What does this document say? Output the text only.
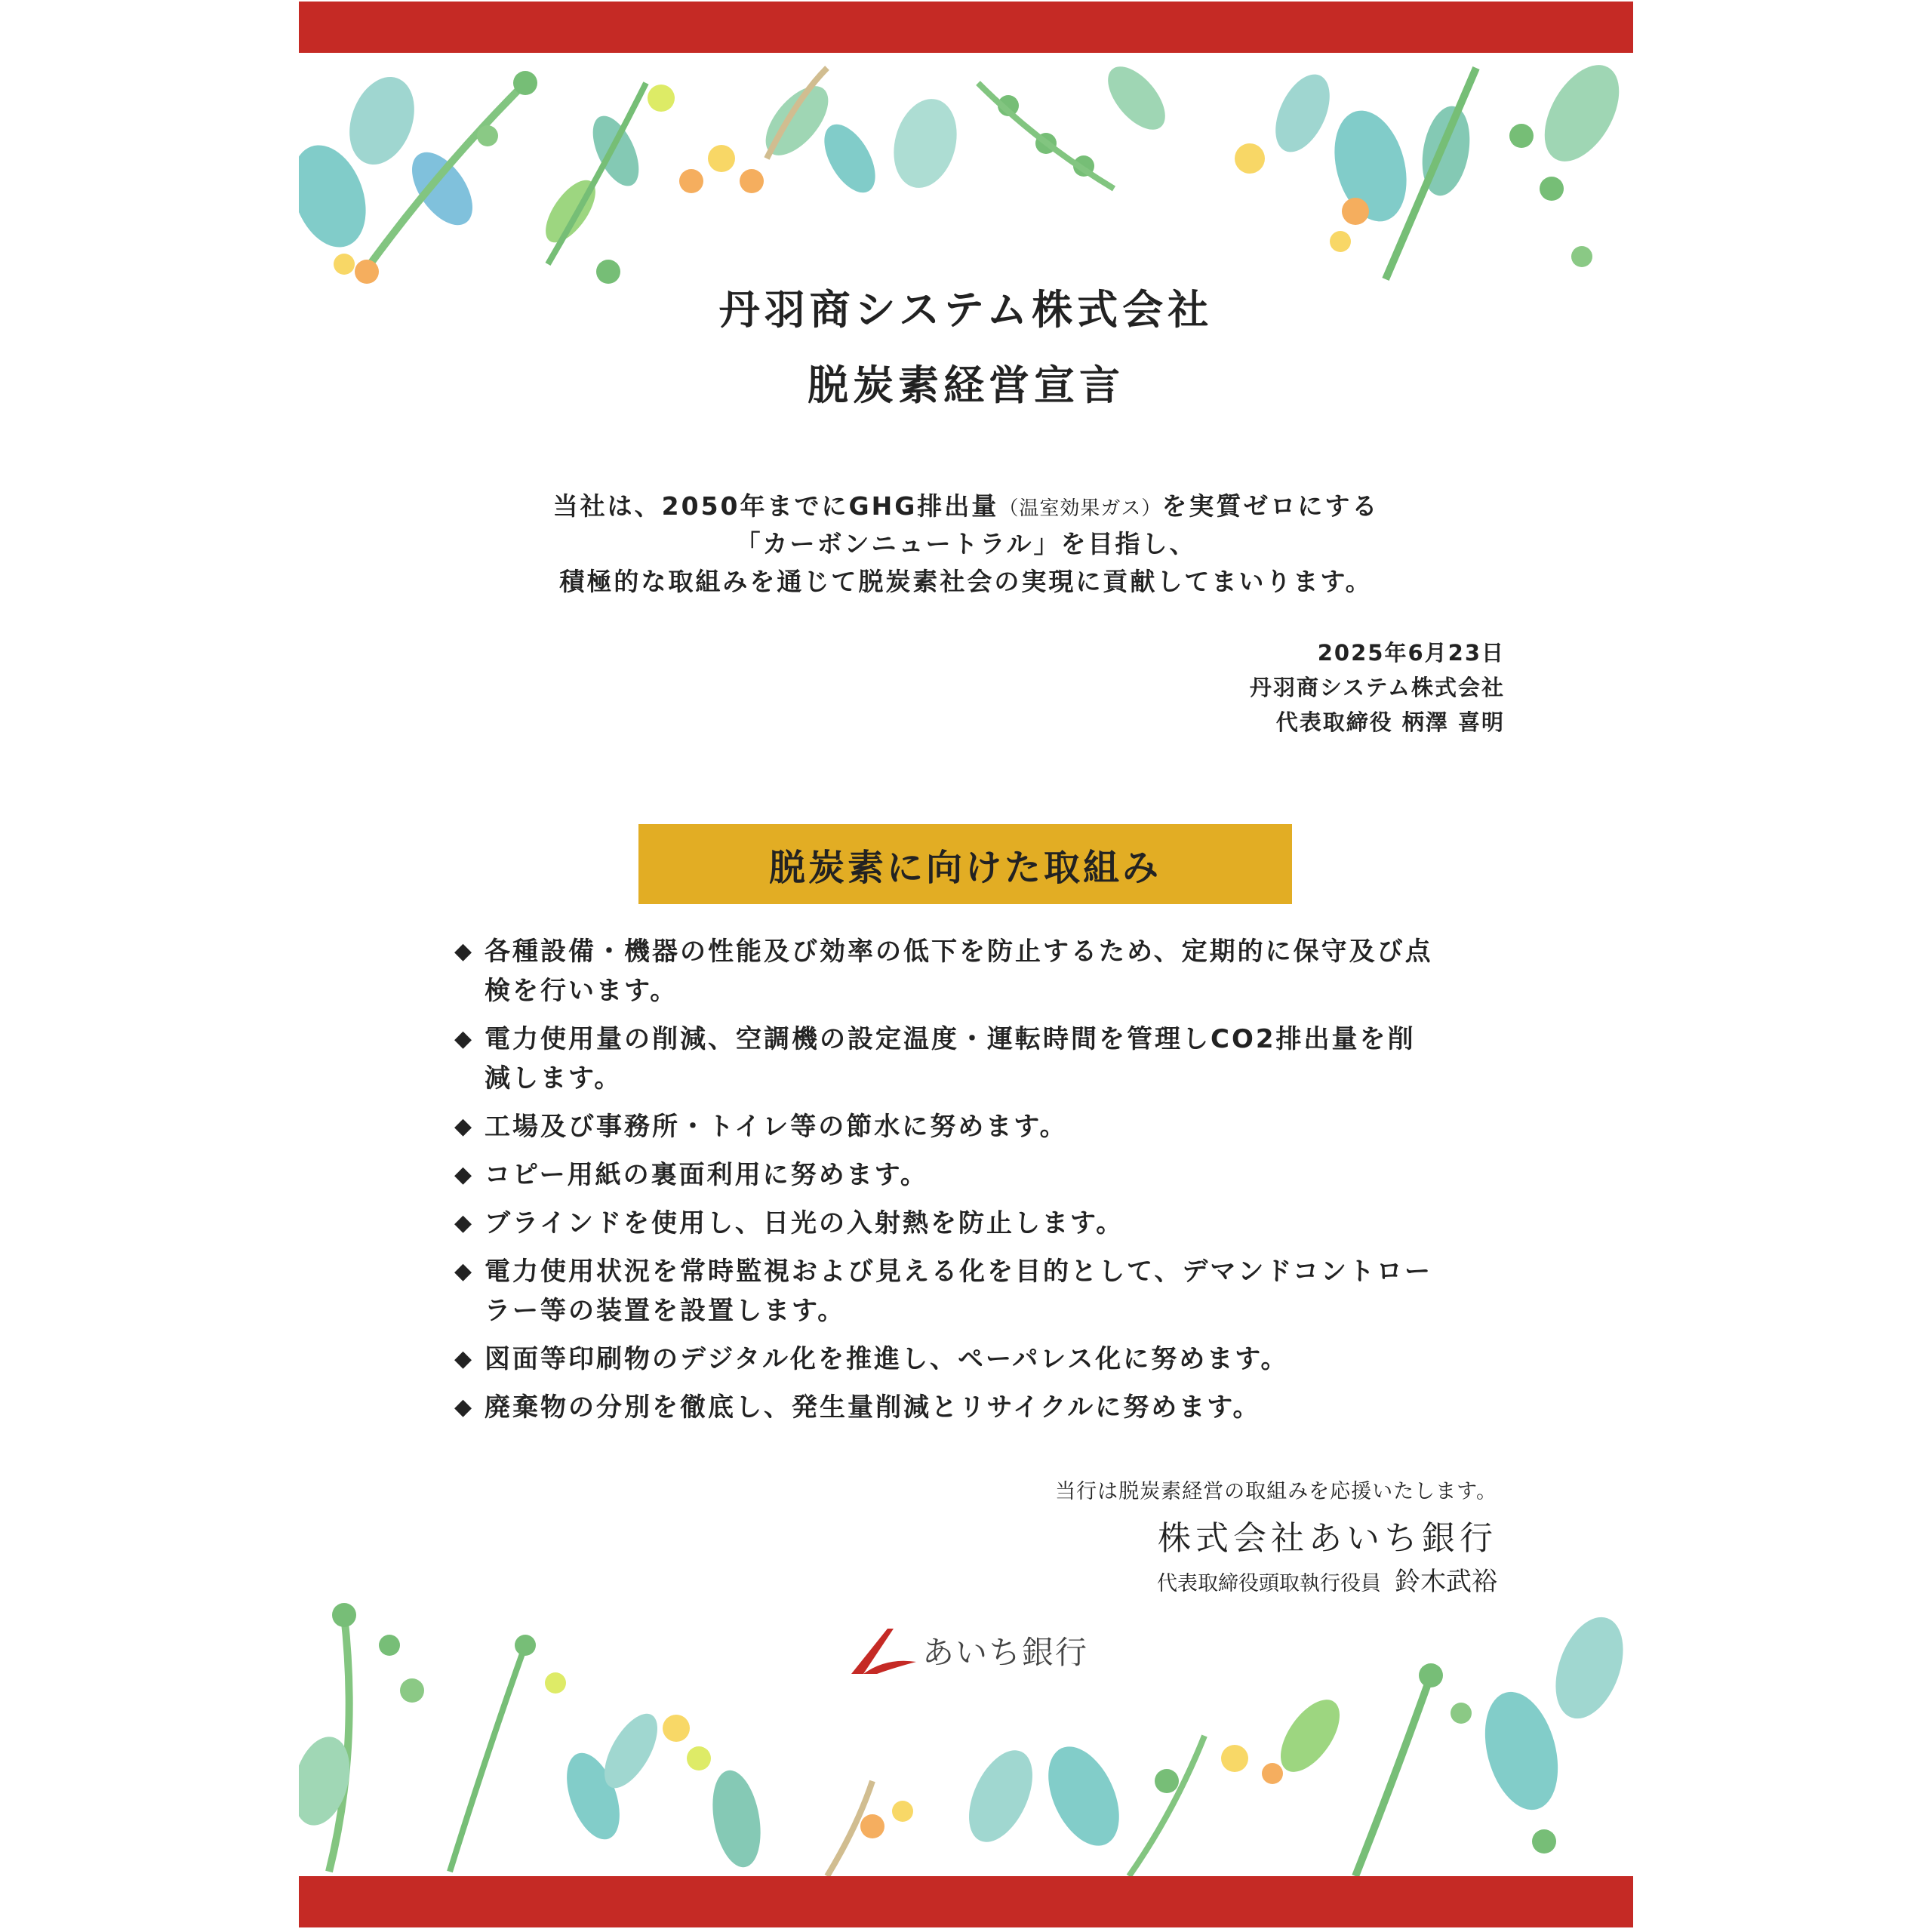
丹羽商システム株式会社
脱炭素経営宣言
当社は、2050年までにGHG排出量（温室効果ガス）を実質ゼロにする
「カーボンニュートラル」を目指し、
積極的な取組みを通じて脱炭素社会の実現に貢献してまいります。
2025年6月23日
丹羽商システム株式会社
代表取締役 柄澤 喜明
脱炭素に向けた取組み
◆ 各種設備・機器の性能及び効率の低下を防止するため、定期的に保守及び点検を行います。
◆ 電力使用量の削減、空調機の設定温度・運転時間を管理しCO2排出量を削減します。
◆ 工場及び事務所・トイレ等の節水に努めます。
◆ コピー用紙の裏面利用に努めます。
◆ ブラインドを使用し、日光の入射熱を防止します。
◆ 電力使用状況を常時監視および見える化を目的として、デマンドコントローラー等の装置を設置します。
◆ 図面等印刷物のデジタル化を推進し、ペーパレス化に努めます。
◆ 廃棄物の分別を徹底し、発生量削減とリサイクルに努めます。
当行は脱炭素経営の取組みを応援いたします。
株式会社あいち銀行
代表取締役頭取執行役員 鈴木武裕
あいち銀行
